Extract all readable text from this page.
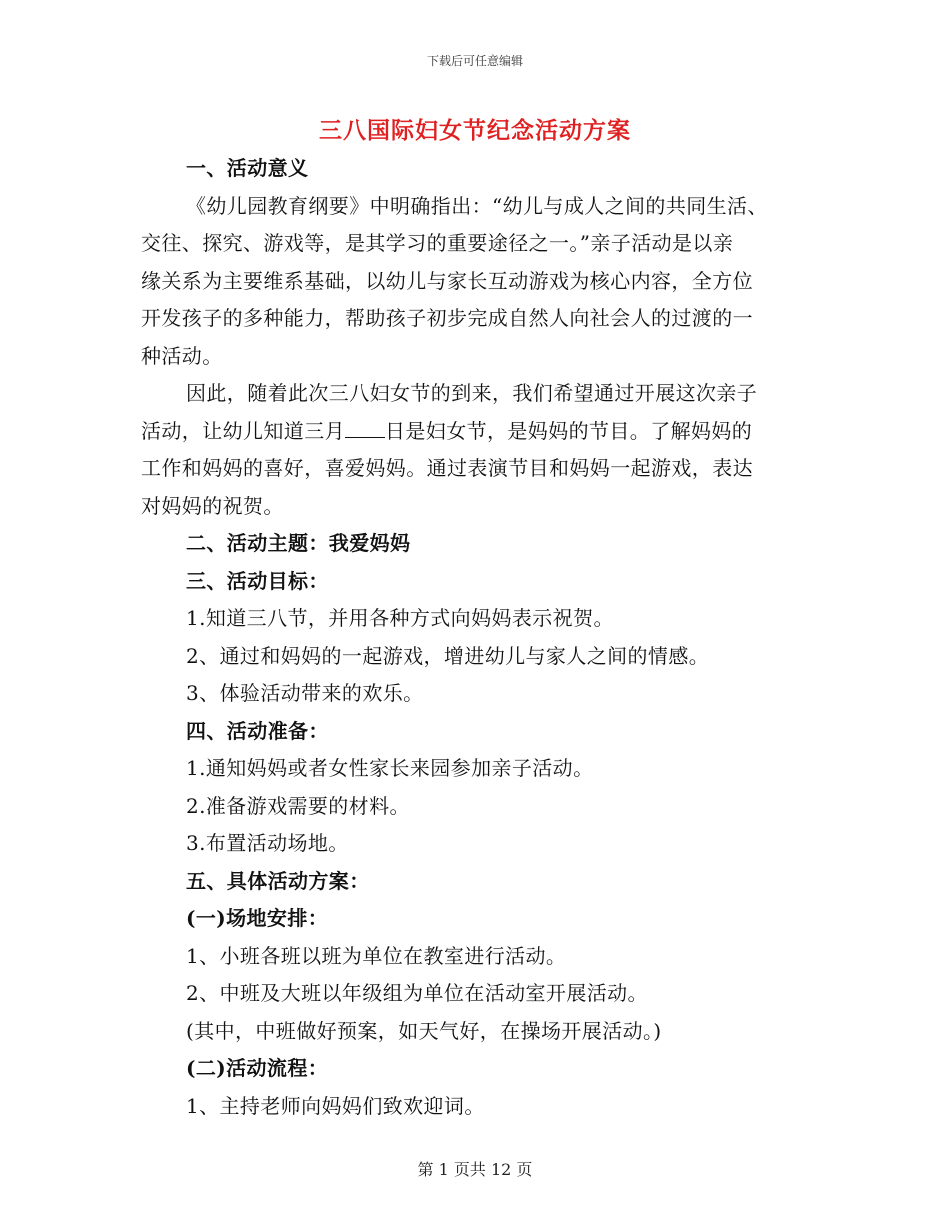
下载后可任意编辑
三八国际妇女节纪念活动方案
一、活动意义
《幼儿园教育纲要》中明确指出：“幼儿与成人之间的共同生活、
交往、探究、游戏等，是其学习的重要途径之一。”亲子活动是以亲
缘关系为主要维系基础，以幼儿与家长互动游戏为核心内容，全方位
开发孩子的多种能力，帮助孩子初步完成自然人向社会人的过渡的一
种活动。
因此，随着此次三八妇女节的到来，我们希望通过开展这次亲子
活动，让幼儿知道三月 日是妇女节，是妈妈的节目。了解妈妈的
工作和妈妈的喜好，喜爱妈妈。通过表演节目和妈妈一起游戏，表达
对妈妈的祝贺。
二、活动主题：我爱妈妈
三、活动目标：
1.知道三八节，并用各种方式向妈妈表示祝贺。
2、通过和妈妈的一起游戏，增进幼儿与家人之间的情感。
3、体验活动带来的欢乐。
四、活动准备：
1.通知妈妈或者女性家长来园参加亲子活动。
2.准备游戏需要的材料。
3.布置活动场地。
五、具体活动方案：
(一)场地安排：
1、小班各班以班为单位在教室进行活动。
2、中班及大班以年级组为单位在活动室开展活动。
(其中，中班做好预案，如天气好，在操场开展活动。)
(二)活动流程：
1、主持老师向妈妈们致欢迎词。
第 1 页共 12 页
